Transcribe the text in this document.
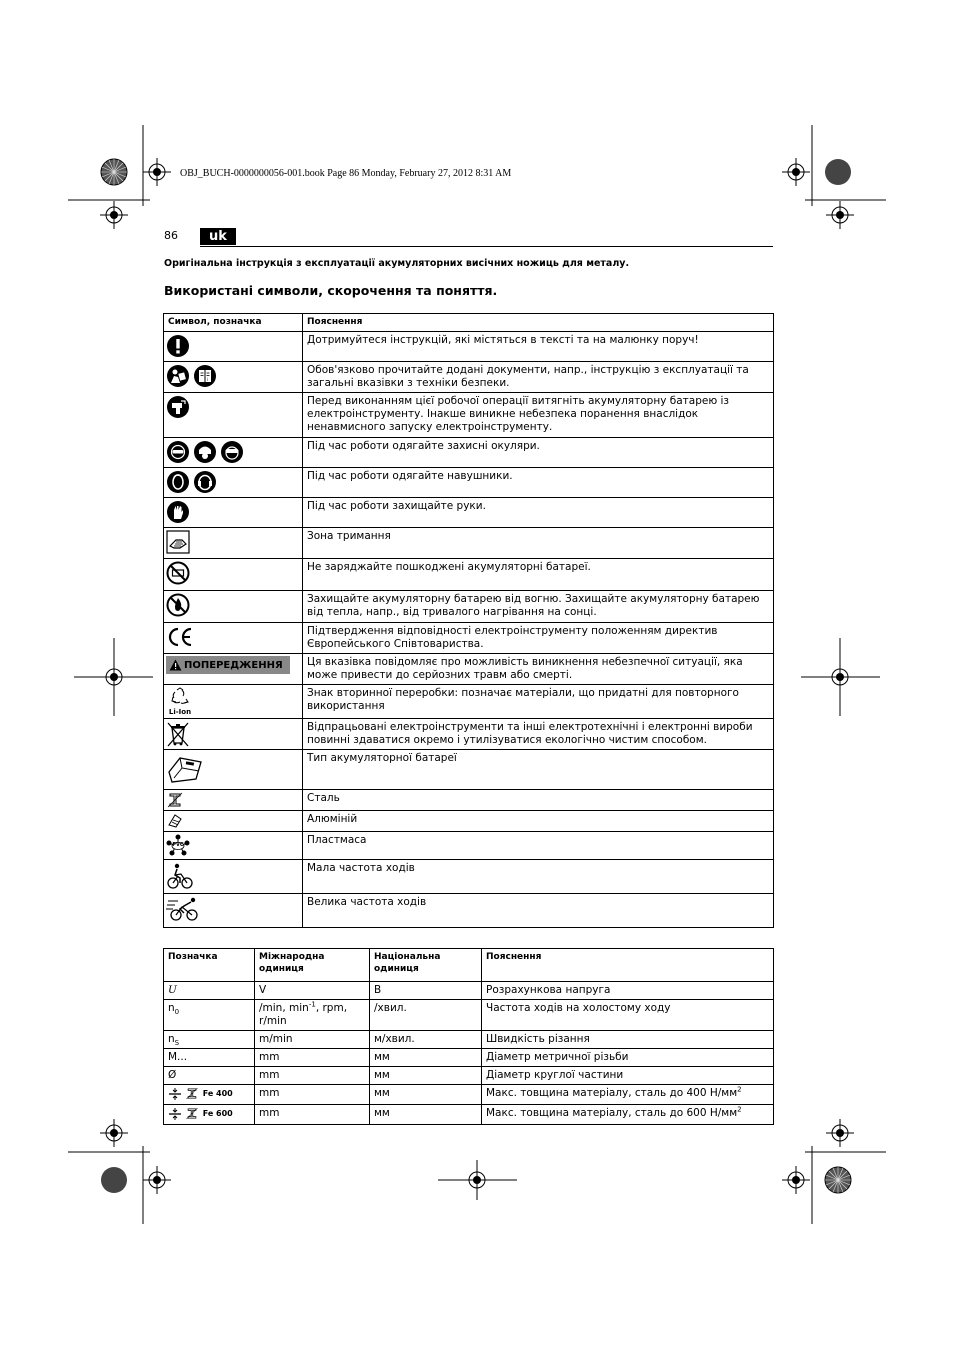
OBJ_BUCH-0000000056-001.book Page 86 Monday, February 27, 2012 8:31 AM
86	uk
Оригінальна інструкція з експлуатації акумуляторних висічних ножиць для металу.
Використані символи, скорочення та поняття.
Символ, позначка	Пояснення

	Дотримуйтеся інструкцій, які містяться в тексті та на малюнку поруч!

i	Обов'язково прочитайте додані документи, напр., інструкцію з експлуатації та загальні вказівки з техніки безпеки.

	Перед виконанням цієї робочої операції витягніть акумуляторну батарею із електроінструменту. Інакше виникне небезпека поранення внаслідок ненавмисного запуску електроінструменту.

	Під час роботи одягайте захисні окуляри.

	Під час роботи одягайте навушники.

	Під час роботи захищайте руки.

	Зона тримання

	Не заряджайте пошкоджені акумуляторні батареї.

	Захищайте акумуляторну батарею від вогню. Захищайте акумуляторну батарею від тепла, напр., від тривалого нагрівання на сонці.

	Підтвердження відповідності електроінструменту положенням директив Європейського Співтовариства.

ПОПЕРЕДЖЕННЯ	Ця вказівка повідомляє про можливість виникнення небезпечної ситуації, яка може привести до серйозних травм або смерті.

Li-Ion	Знак вторинної переробки: позначає матеріали, що придатні для повторного використання

	Відпрацьовані електроінструменти та інші електротехнічні і електронні вироби повинні здаватися окремо і утилізуватися екологічно чистим способом.

	Тип акумуляторної батареї

	Сталь

	Алюміній

PVC	Пластмаса

	Мала частота ходів

	Велика частота ходів
Позначка	Міжнародна одиниця	Національна одиниця	Пояснення
U	V	В	Розрахункова напруга
$n_0$	/min, $\min^{-1}$, rpm, r/min	/хвил.	Частота ходів на холостому ходу
$n_S$	m/min	м/хвил.	Швидкість різання
M...	mm	мм	Діаметр метричної різьби
Ø	mm	мм	Діаметр круглої частини
Fe 400	mm	мм	Макс. товщина матеріалу, сталь до 400 $Н/мм^2$
Fe 600	mm	мм	Макс. товщина матеріалу, сталь до 600 $Н/мм^2$
